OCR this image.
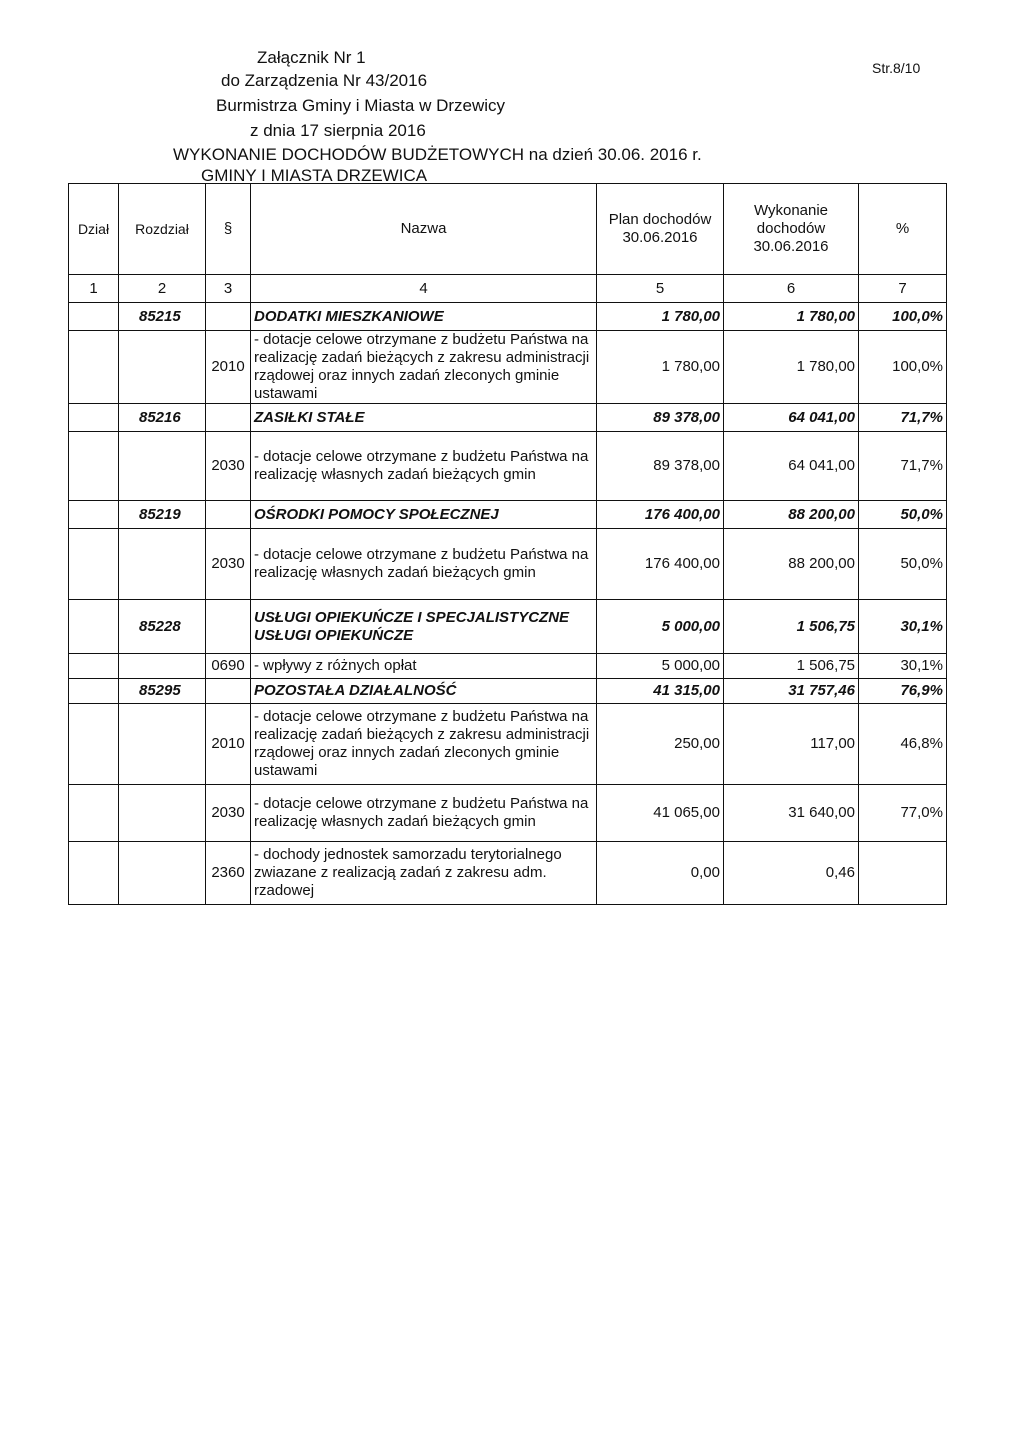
Załącznik Nr 1
do Zarządzenia Nr 43/2016
Burmistrza Gminy i Miasta w Drzewicy
z dnia 17 sierpnia 2016
WYKONANIE DOCHODÓW BUDŻETOWYCH na dzień 30.06. 2016 r.
GMINY I MIASTA DRZEWICA
Str.8/10
Dział	Rozdział	§	Nazwa	Plan dochodów 30.06.2016	Wykonanie dochodów 30.06.2016	%
1	2	3	4	5	6	7
	85215		DODATKI MIESZKANIOWE	1 780,00	1 780,00	100,0%
		2010	- dotacje celowe otrzymane z budżetu Państwa na realizację zadań bieżących z zakresu administracji rządowej oraz innych zadań zleconych gminie ustawami	1 780,00	1 780,00	100,0%
	85216		ZASIŁKI STAŁE	89 378,00	64 041,00	71,7%
		2030	- dotacje celowe otrzymane z budżetu Państwa na realizację własnych zadań bieżących gmin	89 378,00	64 041,00	71,7%
	85219		OŚRODKI POMOCY SPOŁECZNEJ	176 400,00	88 200,00	50,0%
		2030	- dotacje celowe otrzymane z budżetu Państwa na realizację własnych zadań bieżących gmin	176 400,00	88 200,00	50,0%
	85228		USŁUGI OPIEKUŃCZE I SPECJALISTYCZNE USŁUGI OPIEKUŃCZE	5 000,00	1 506,75	30,1%
		0690	- wpływy z różnych opłat	5 000,00	1 506,75	30,1%
	85295		POZOSTAŁA DZIAŁALNOŚĆ	41 315,00	31 757,46	76,9%
		2010	- dotacje celowe otrzymane z budżetu Państwa na realizację zadań bieżących z zakresu administracji rządowej oraz innych zadań zleconych gminie ustawami	250,00	117,00	46,8%
		2030	- dotacje celowe otrzymane z budżetu Państwa na realizację własnych zadań bieżących gmin	41 065,00	31 640,00	77,0%
		2360	- dochody jednostek samorzadu terytorialnego zwiazane z realizacją zadań z zakresu adm. rzadowej	0,00	0,46	
